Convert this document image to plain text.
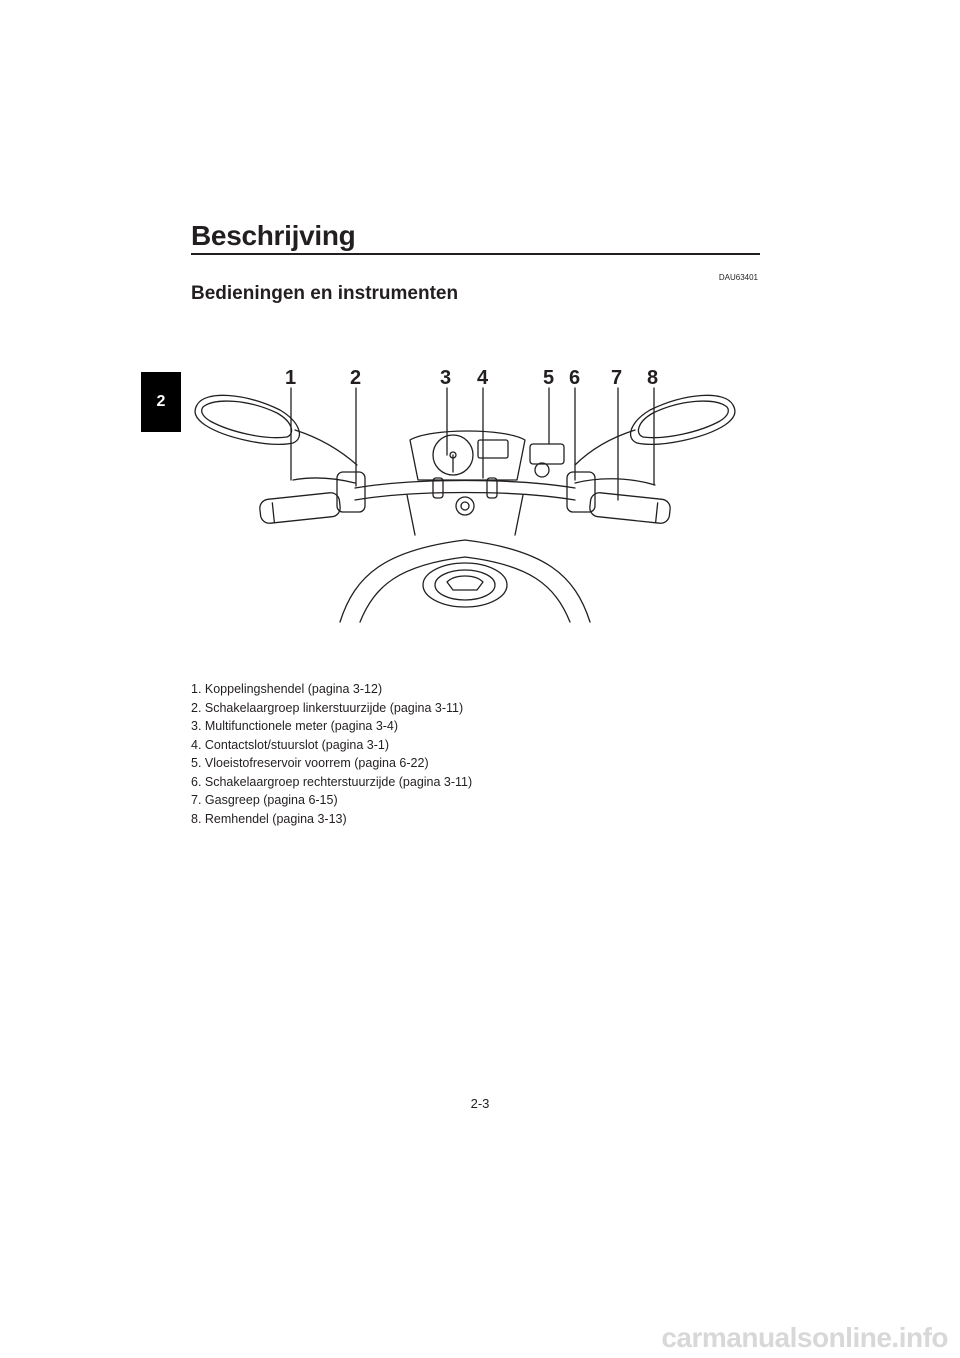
2
Beschrijving
DAU63401
Bedieningen en instrumenten
1	2	3 4	5 6 7 8
1. Koppelingshendel (pagina 3-12)
2. Schakelaargroep linkerstuurzijde (pagina 3-11)
3. Multifunctionele meter (pagina 3-4)
4. Contactslot/stuurslot (pagina 3-1)
5. Vloeistofreservoir voorrem (pagina 6-22)
6. Schakelaargroep rechterstuurzijde (pagina 3-11)
7. Gasgreep (pagina 6-15)
8. Remhendel (pagina 3-13)
2-3
carmanualsonline.info
